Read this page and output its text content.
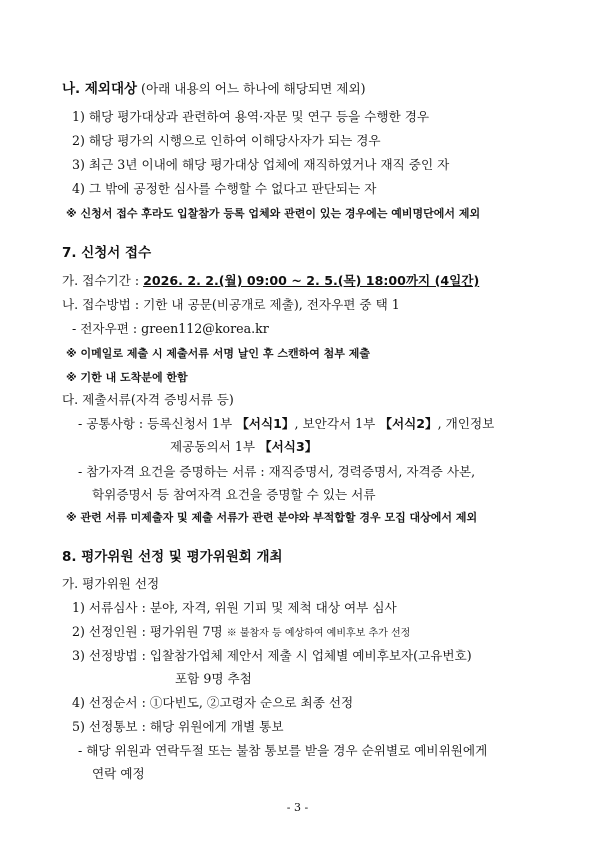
나. 제외대상 (아래 내용의 어느 하나에 해당되면 제외)
1) 해당 평가대상과 관련하여 용역·자문 및 연구 등을 수행한 경우
2) 해당 평가의 시행으로 인하여 이해당사자가 되는 경우
3) 최근 3년 이내에 해당 평가대상 업체에 재직하였거나 재직 중인 자
4) 그 밖에 공정한 심사를 수행할 수 없다고 판단되는 자
※ 신청서 접수 후라도 입찰참가 등록 업체와 관련이 있는 경우에는 예비명단에서 제외
7. 신청서 접수
가. 접수기간 : 2026. 2. 2.(월) 09:00 ~ 2. 5.(목) 18:00까지 (4일간)
나. 접수방법 : 기한 내 공문(비공개로 제출), 전자우편 중 택 1
- 전자우편 : green112@korea.kr
※ 이메일로 제출 시 제출서류 서명 날인 후 스캔하여 첨부 제출
※ 기한 내 도착분에 한함
다. 제출서류(자격 증빙서류 등)
- 공통사항 : 등록신청서 1부 【서식1】, 보안각서 1부 【서식2】, 개인정보
제공동의서 1부 【서식3】
- 참가자격 요건을 증명하는 서류 : 재직증명서, 경력증명서, 자격증 사본,
학위증명서 등 참여자격 요건을 증명할 수 있는 서류
※ 관련 서류 미제출자 및 제출 서류가 관련 분야와 부적합할 경우 모집 대상에서 제외
8. 평가위원 선정 및 평가위원회 개최
가. 평가위원 선정
1) 서류심사 : 분야, 자격, 위원 기피 및 제척 대상 여부 심사
2) 선정인원 : 평가위원 7명 ※ 불참자 등 예상하여 예비후보 추가 선정
3) 선정방법 : 입찰참가업체 제안서 제출 시 업체별 예비후보자(고유번호)
포함 9명 추첨
4) 선정순서 : ①다빈도, ②고령자 순으로 최종 선정
5) 선정통보 : 해당 위원에게 개별 통보
- 해당 위원과 연락두절 또는 불참 통보를 받을 경우 순위별로 예비위원에게
연락 예정
- 3 -
